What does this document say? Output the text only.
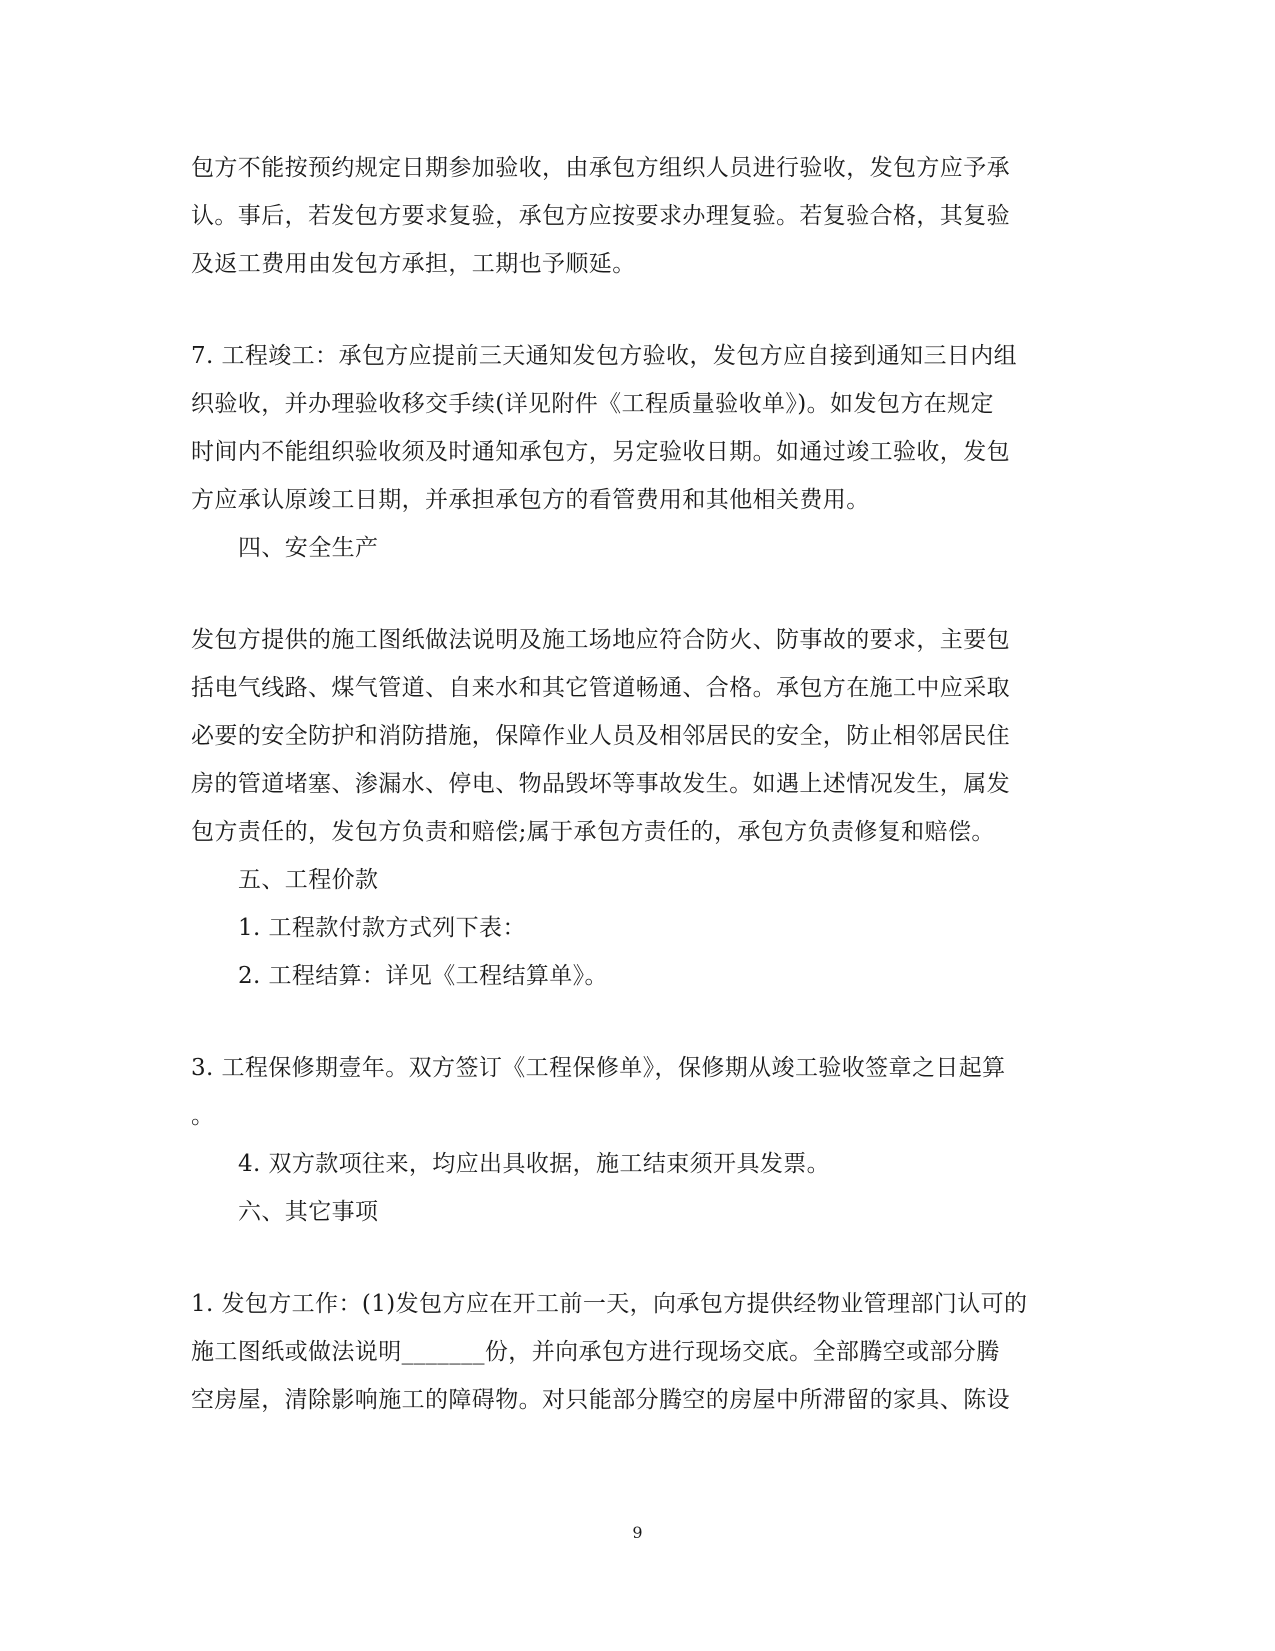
包方不能按预约规定日期参加验收，由承包方组织人员进行验收，发包方应予承
认。事后，若发包方要求复验，承包方应按要求办理复验。若复验合格，其复验
及返工费用由发包方承担，工期也予顺延。
7. 工程竣工：承包方应提前三天通知发包方验收，发包方应自接到通知三日内组
织验收，并办理验收移交手续(详见附件《工程质量验收单》)。如发包方在规定
时间内不能组织验收须及时通知承包方，另定验收日期。如通过竣工验收，发包
方应承认原竣工日期，并承担承包方的看管费用和其他相关费用。
四、安全生产
发包方提供的施工图纸做法说明及施工场地应符合防火、防事故的要求，主要包
括电气线路、煤气管道、自来水和其它管道畅通、合格。承包方在施工中应采取
必要的安全防护和消防措施，保障作业人员及相邻居民的安全，防止相邻居民住
房的管道堵塞、渗漏水、停电、物品毁坏等事故发生。如遇上述情况发生，属发
包方责任的，发包方负责和赔偿;属于承包方责任的，承包方负责修复和赔偿。
五、工程价款
1. 工程款付款方式列下表：
2. 工程结算：详见《工程结算单》。
3. 工程保修期壹年。双方签订《工程保修单》，保修期从竣工验收签章之日起算
。
4. 双方款项往来，均应出具收据，施工结束须开具发票。
六、其它事项
1. 发包方工作：(1)发包方应在开工前一天，向承包方提供经物业管理部门认可的
施工图纸或做法说明_______份，并向承包方进行现场交底。全部腾空或部分腾
空房屋，清除影响施工的障碍物。对只能部分腾空的房屋中所滞留的家具、陈设
9
